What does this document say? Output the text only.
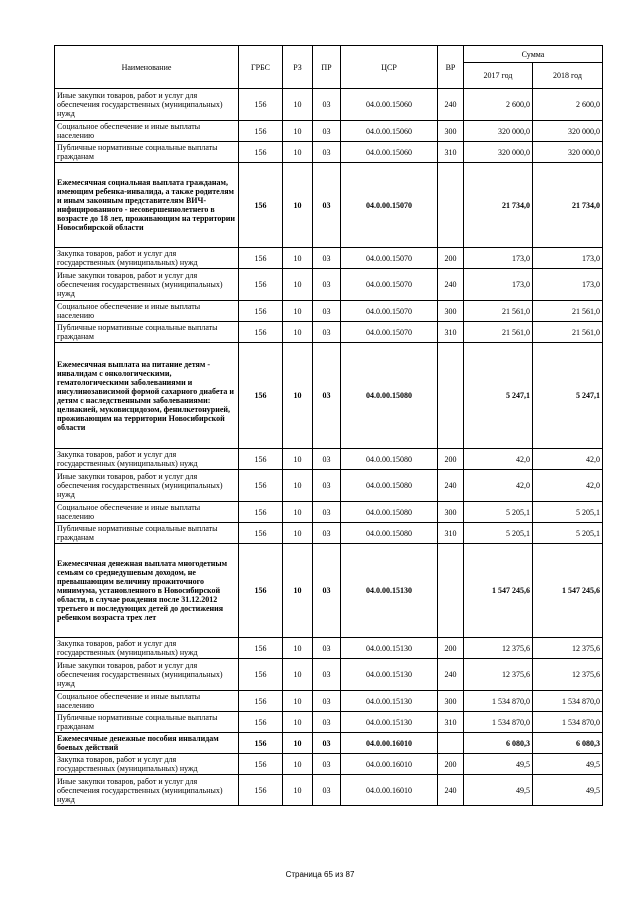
Наименование	ГРБС	РЗ	ПР	ЦСР	ВР	Сумма	
						2017 год	2018 год
Иные закупки товаров, работ и услуг для обеспечения государственных (муниципальных) нужд	156	10	03	04.0.00.15060	240	2 600,0	2 600,0
Социальное обеспечение и иные выплаты населению	156	10	03	04.0.00.15060	300	320 000,0	320 000,0
Публичные нормативные социальные выплаты гражданам	156	10	03	04.0.00.15060	310	320 000,0	320 000,0
Ежемесячная социальная выплата гражданам, имеющим ребенка-инвалида, а также родителям и иным законным представителям ВИЧ-инфицированного - несовершеннолетнего в возрасте до 18 лет, проживающим на территории Новосибирской области	156	10	03	04.0.00.15070		21 734,0	21 734,0
Закупка товаров, работ и услуг для государственных (муниципальных) нужд	156	10	03	04.0.00.15070	200	173,0	173,0
Иные закупки товаров, работ и услуг для обеспечения государственных (муниципальных) нужд	156	10	03	04.0.00.15070	240	173,0	173,0
Социальное обеспечение и иные выплаты населению	156	10	03	04.0.00.15070	300	21 561,0	21 561,0
Публичные нормативные социальные выплаты гражданам	156	10	03	04.0.00.15070	310	21 561,0	21 561,0
Ежемесячная выплата на питание детям - инвалидам с онкологическими, гематологическими заболеваниями и инсулинозависимой формой сахарного диабета и детям с наследственными заболеваниями: целиакией, муковисцидозом, фенилкетонурией, проживающим на территории Новосибирской области	156	10	03	04.0.00.15080		5 247,1	5 247,1
Закупка товаров, работ и услуг для государственных (муниципальных) нужд	156	10	03	04.0.00.15080	200	42,0	42,0
Иные закупки товаров, работ и услуг для обеспечения государственных (муниципальных) нужд	156	10	03	04.0.00.15080	240	42,0	42,0
Социальное обеспечение и иные выплаты населению	156	10	03	04.0.00.15080	300	5 205,1	5 205,1
Публичные нормативные социальные выплаты гражданам	156	10	03	04.0.00.15080	310	5 205,1	5 205,1
Ежемесячная денежная выплата многодетным семьям со среднедушевым доходом, не превышающим величину прожиточного минимума, установленного в Новосибирской области, в случае рождения после 31.12.2012 третьего и последующих детей до достижения ребенком возраста трех лет	156	10	03	04.0.00.15130		1 547 245,6	1 547 245,6
Закупка товаров, работ и услуг для государственных (муниципальных) нужд	156	10	03	04.0.00.15130	200	12 375,6	12 375,6
Иные закупки товаров, работ и услуг для обеспечения государственных (муниципальных) нужд	156	10	03	04.0.00.15130	240	12 375,6	12 375,6
Социальное обеспечение и иные выплаты населению	156	10	03	04.0.00.15130	300	1 534 870,0	1 534 870,0
Публичные нормативные социальные выплаты гражданам	156	10	03	04.0.00.15130	310	1 534 870,0	1 534 870,0
Ежемесячные денежные пособия инвалидам боевых действий	156	10	03	04.0.00.16010		6 080,3	6 080,3
Закупка товаров, работ и услуг для государственных (муниципальных) нужд	156	10	03	04.0.00.16010	200	49,5	49,5
Иные закупки товаров, работ и услуг для обеспечения государственных (муниципальных) нужд	156	10	03	04.0.00.16010	240	49,5	49,5
Страница 65 из 87
